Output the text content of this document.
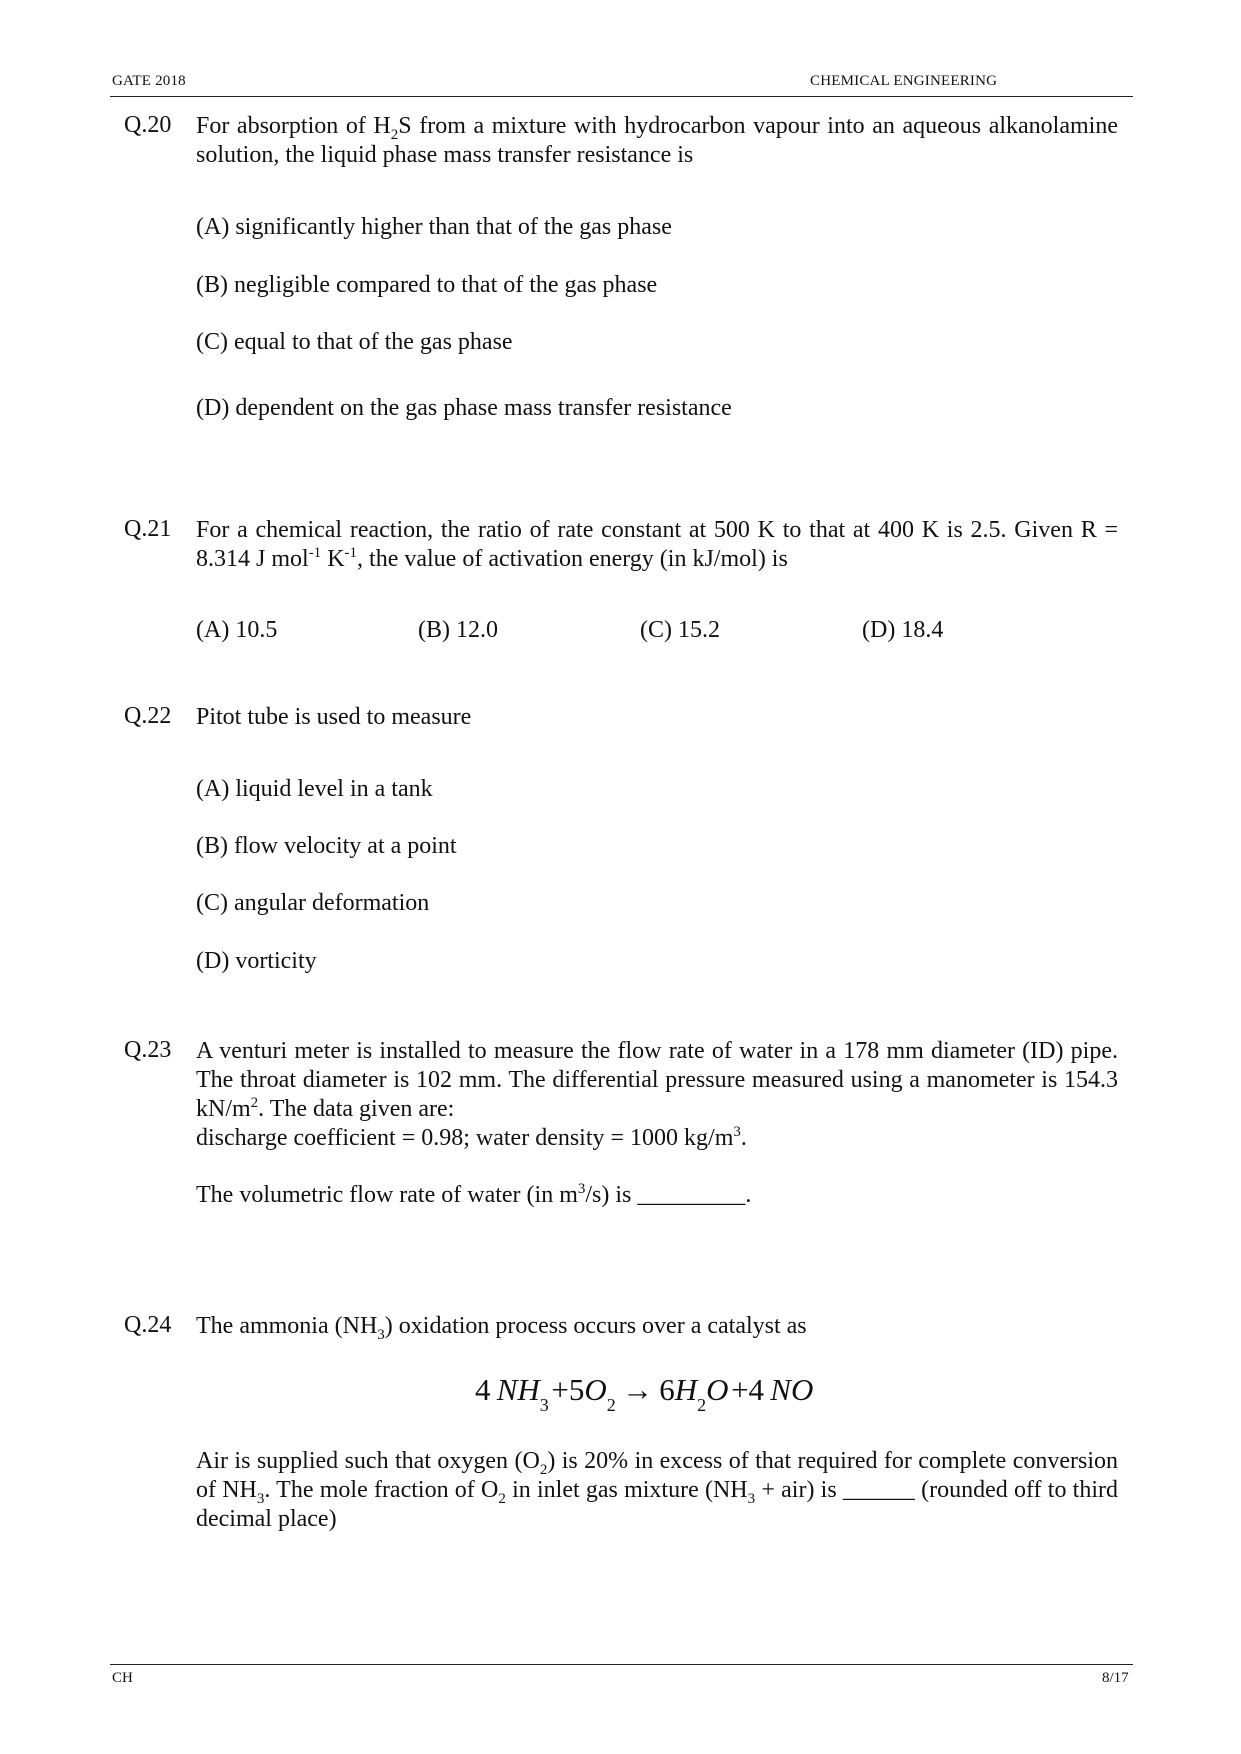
GATE 2018	CHEMICAL ENGINEERING
Q.20 For absorption of $H_2S$ from a mixture with hydrocarbon vapour into an aqueous alkanolamine solution, the liquid phase mass transfer resistance is
(A) significantly higher than that of the gas phase
(B) negligible compared to that of the gas phase
(C) equal to that of the gas phase
(D) dependent on the gas phase mass transfer resistance
Q.21 For a chemical reaction, the ratio of rate constant at 500 K to that at 400 K is 2.5. Given R = 8.314 J mol$^{-1}$ $K^{-1}$, the value of activation energy (in kJ/mol) is
(A) 10.5	(B) 12.0	(C) 15.2	(D) 18.4
Q.22 Pitot tube is used to measure
(A) liquid level in a tank
(B) flow velocity at a point
(C) angular deformation
(D) vorticity
Q.23 A venturi meter is installed to measure the flow rate of water in a 178 mm diameter (ID) pipe. The throat diameter is 102 mm. The differential pressure measured using a manometer is 154.3 $kN/m^2$. The data given are:
discharge coefficient = 0.98; water density = 1000 $kg/m^3$.
The volumetric flow rate of water (in $m^3/s$) is _________.
Q.24 The ammonia $(NH_3)$ oxidation process occurs over a catalyst as
4  $NH_3$ $+5O_2 \to 6H_2O$ +4  NO
Air is supplied such that oxygen $(O_2)$ is 20% in excess of that required for complete conversion of $NH_3$. The mole fraction of $O_2$ in inlet gas mixture $(NH_3 + air)$ is ______ (rounded off to third decimal place)
CH	8/17
